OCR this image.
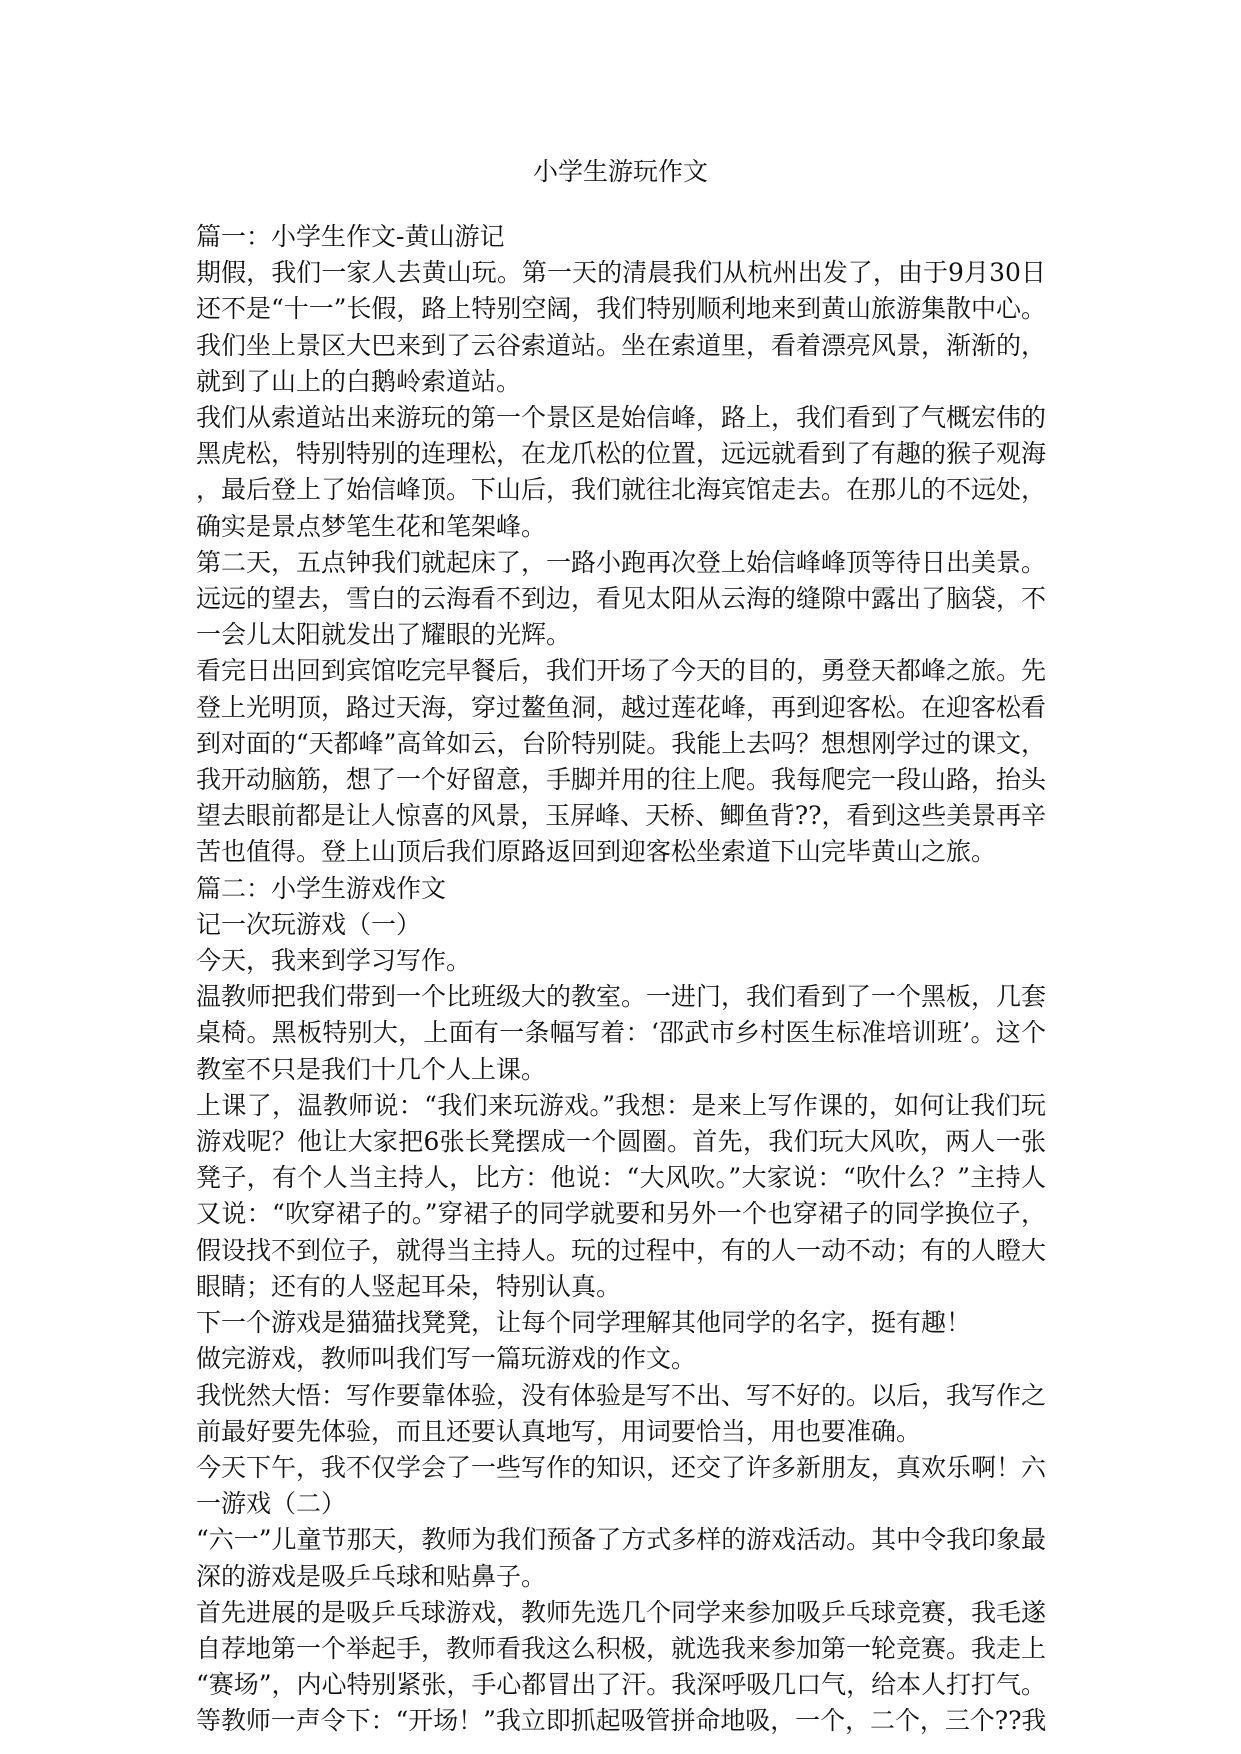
小学生游玩作文

篇一：小学生作文-黄山游记

期假，我们一家人去黄山玩。第一天的清晨我们从杭州出发了，由于9月30日

还不是“十一”长假，路上特别空阔，我们特别顺利地来到黄山旅游集散中心。

我们坐上景区大巴来到了云谷索道站。坐在索道里，看着漂亮风景，渐渐的，

就到了山上的白鹅岭索道站。

我们从索道站出来游玩的第一个景区是始信峰，路上，我们看到了气概宏伟的

黑虎松，特别特别的连理松，在龙爪松的位置，远远就看到了有趣的猴子观海

，最后登上了始信峰顶。下山后，我们就往北海宾馆走去。在那儿的不远处，

确实是景点梦笔生花和笔架峰。

第二天，五点钟我们就起床了，一路小跑再次登上始信峰峰顶等待日出美景。

远远的望去，雪白的云海看不到边，看见太阳从云海的缝隙中露出了脑袋，不

一会儿太阳就发出了耀眼的光辉。

看完日出回到宾馆吃完早餐后，我们开场了今天的目的，勇登天都峰之旅。先

登上光明顶，路过天海，穿过鳌鱼洞，越过莲花峰，再到迎客松。在迎客松看

到对面的“天都峰”高耸如云，台阶特别陡。我能上去吗？想想刚学过的课文，

我开动脑筋，想了一个好留意，手脚并用的往上爬。我每爬完一段山路，抬头

望去眼前都是让人惊喜的风景，玉屏峰、天桥、鲫鱼背??，看到这些美景再辛

苦也值得。登上山顶后我们原路返回到迎客松坐索道下山完毕黄山之旅。

篇二：小学生游戏作文

记一次玩游戏（一）

今天，我来到学习写作。

温教师把我们带到一个比班级大的教室。一进门，我们看到了一个黑板，几套

桌椅。黑板特别大，上面有一条幅写着：‘邵武市乡村医生标准培训班’。这个

教室不只是我们十几个人上课。

上课了，温教师说：“我们来玩游戏。”我想：是来上写作课的，如何让我们玩

游戏呢？他让大家把6张长凳摆成一个圆圈。首先，我们玩大风吹，两人一张

凳子，有个人当主持人，比方：他说：“大风吹。”大家说：“吹什么？”主持人

又说：“吹穿裙子的。”穿裙子的同学就要和另外一个也穿裙子的同学换位子，

假设找不到位子，就得当主持人。玩的过程中，有的人一动不动；有的人瞪大

眼睛；还有的人竖起耳朵，特别认真。

下一个游戏是猫猫找凳凳，让每个同学理解其他同学的名字，挺有趣！

做完游戏，教师叫我们写一篇玩游戏的作文。

我恍然大悟：写作要靠体验，没有体验是写不出、写不好的。以后，我写作之

前最好要先体验，而且还要认真地写，用词要恰当，用也要准确。

今天下午，我不仅学会了一些写作的知识，还交了许多新朋友，真欢乐啊！六

一游戏（二）

“六一”儿童节那天，教师为我们预备了方式多样的游戏活动。其中令我印象最

深的游戏是吸乒乓球和贴鼻子。

首先进展的是吸乒乓球游戏，教师先选几个同学来参加吸乒乓球竞赛，我毛遂

自荐地第一个举起手，教师看我这么积极，就选我来参加第一轮竞赛。我走上

“赛场”，内心特别紧张，手心都冒出了汗。我深呼吸几口气，给本人打打气。

等教师一声令下：“开场！”我立即抓起吸管拼命地吸，一个，二个，三个??我
